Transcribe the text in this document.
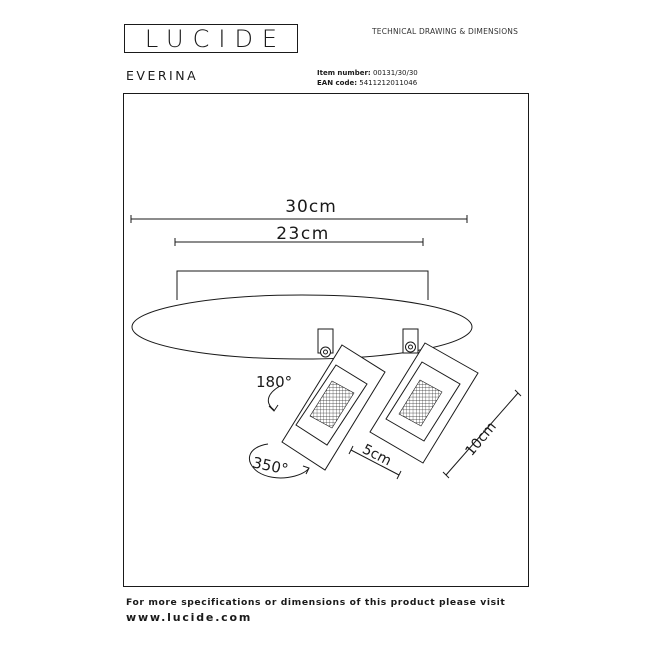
LUCIDE	TECHNICAL DRAWING & DIMENSIONS
EVERINA	Item number: 00131/30/30
EAN code: 5411212011046
30cm
23cm
180°
350°	5cm	10cm
For more specifications or dimensions of this product please visit
www.lucide.com
